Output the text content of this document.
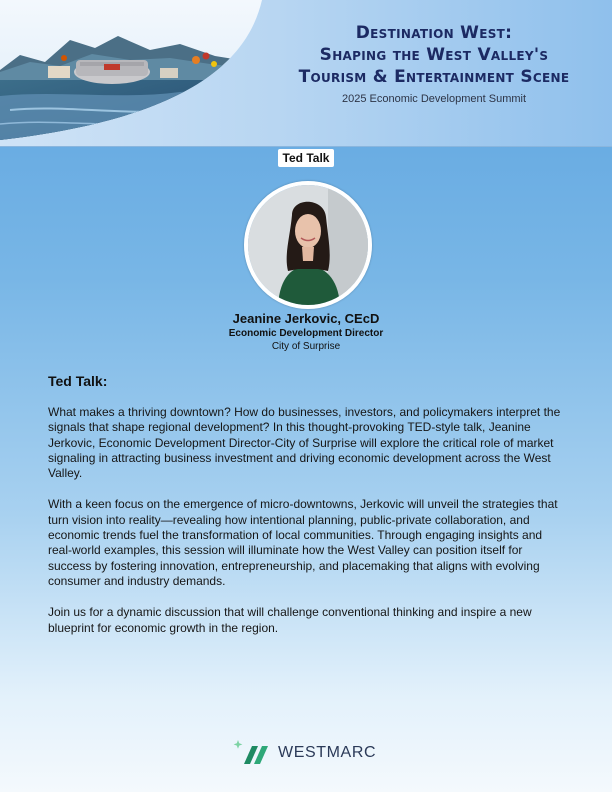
Destination West:
Shaping the West Valley's
Tourism & Entertainment Scene
2025 Economic Development Summit
Ted Talk
Jeanine Jerkovic, CEcD
Economic Development Director
City of Surprise
Ted Talk:

What makes a thriving downtown? How do businesses, investors, and policymakers interpret the signals that shape regional development? In this thought-provoking TED-style talk, Jeanine Jerkovic, Economic Development Director-City of Surprise will explore the critical role of market signaling in attracting business investment and driving economic development across the West Valley.

With a keen focus on the emergence of micro-downtowns, Jerkovic will unveil the strategies that turn vision into reality—revealing how intentional planning, public-private collaboration, and economic trends fuel the transformation of local communities. Through engaging insights and real-world examples, this session will illuminate how the West Valley can position itself for success by fostering innovation, entrepreneurship, and placemaking that aligns with evolving consumer and industry demands.

Join us for a dynamic discussion that will challenge conventional thinking and inspire a new blueprint for economic growth in the region.

WESTMARC
